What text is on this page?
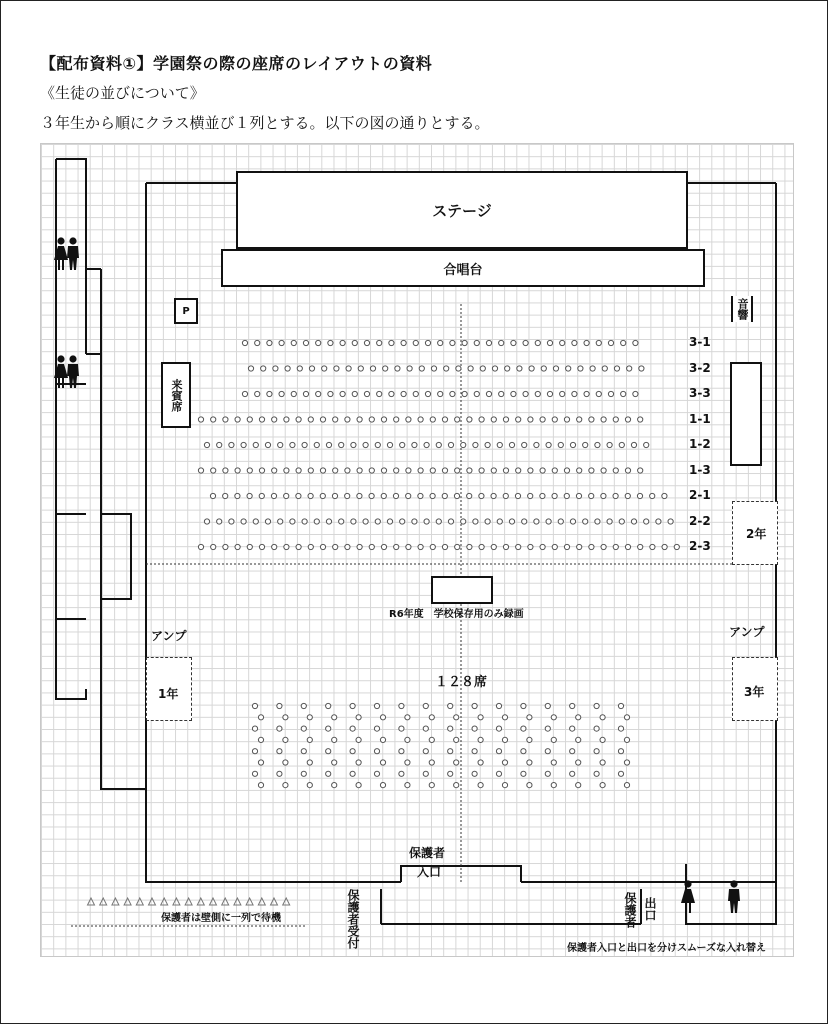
【配布資料①】学園祭の際の座席のレイアウトの資料
《生徒の並びについて》
３年生から順にクラス横並び１列とする。以下の図の通りとする。
ステージ
合唱台
P
来賓席
音響
R6年度　学校保存用のみ録画
アンプ	アンプ
1年
2年
3年
１２８席
保護者
入口
保護者受付	出口
保護者
保護者は壁側に一列で待機
保護者入口と出口を分けスムーズな入れ替え
3-1
3-2
3-3
1-1
1-2
1-3
2-1
2-2
2-3
